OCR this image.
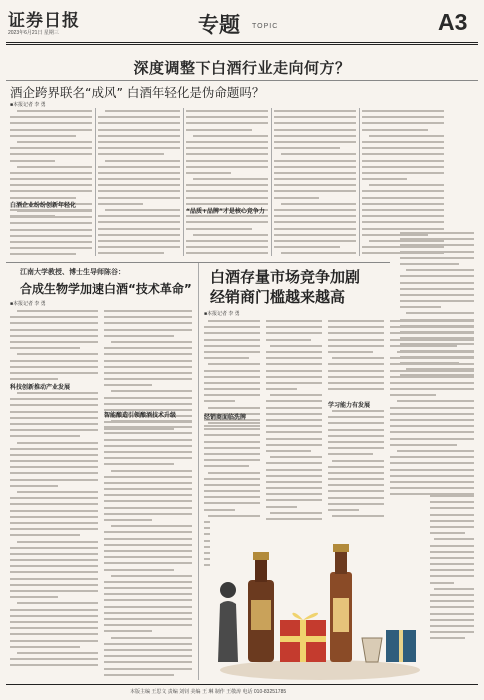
证券日报
2023年6月21日 星期三	专题 TOPIC	A3
深度调整下白酒行业走向何方？
酒企跨界联名“成风” 白酒年轻化是伪命题吗？
■本报记者 李 勇
白酒企业纷纷创新年轻化
“品质+品牌”才是核心竞争力
江南大学教授、博士生导师陈谷：
合成生物学加速白酒“技术革命”
■本报记者 李 勇
科技创新推动产业发展
智能酿造引领酿酒技术升级
白酒存量市场竞争加剧
经销商门槛越来越高
■本报记者 李 勇
经销商面临洗牌
学习能力有发展
本版主编 王思文 责编 刘钊 美编 王 琳 制作 王敬涛 电话 010-83251785
